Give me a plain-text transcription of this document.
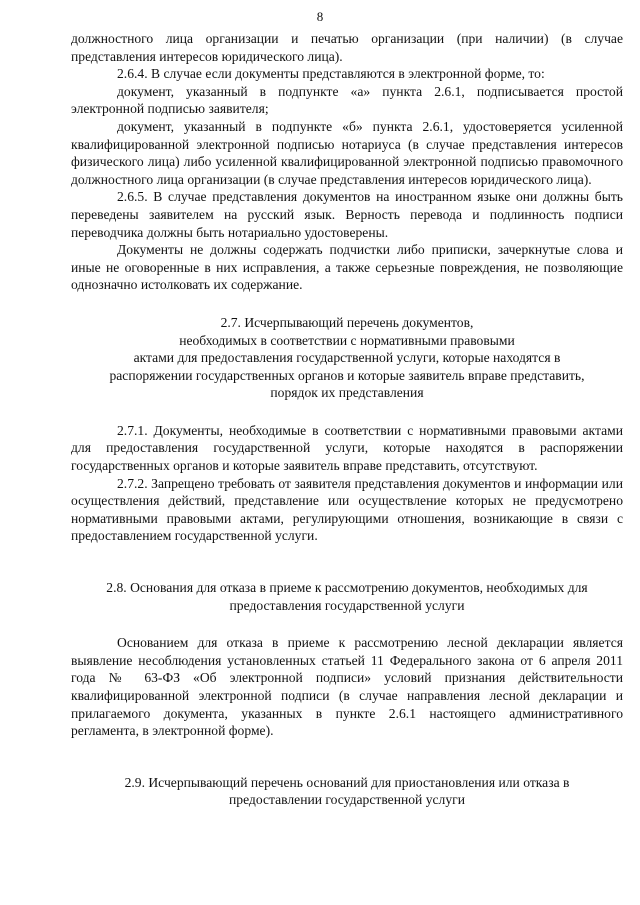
8

должностного лица организации и печатью организации (при наличии) (в случае представления интересов юридического лица).

2.6.4. В случае если документы представляются в электронной форме, то:

документ, указанный в подпункте «а» пункта 2.6.1, подписывается простой электронной подписью заявителя;

документ, указанный в подпункте «б» пункта 2.6.1, удостоверяется усиленной квалифицированной электронной подписью нотариуса (в случае представления интересов физического лица) либо усиленной квалифицированной электронной подписью правомочного должностного лица организации (в случае представления интересов юридического лица).

2.6.5. В случае представления документов на иностранном языке они должны быть переведены заявителем на русский язык. Верность перевода и подлинность подписи переводчика должны быть нотариально удостоверены.

Документы не должны содержать подчистки либо приписки, зачеркнутые слова и иные не оговоренные в них исправления, а также серьезные повреждения, не позволяющие однозначно истолковать их содержание.

2.7. Исчерпывающий перечень документов,

необходимых в соответствии с нормативными правовыми

актами для предоставления государственной услуги, которые находятся в

распоряжении государственных органов и которые заявитель вправе представить,

порядок их представления

2.7.1. Документы, необходимые в соответствии с нормативными правовыми актами для предоставления государственной услуги, которые находятся в распоряжении государственных органов и которые заявитель вправе представить, отсутствуют.

2.7.2. Запрещено требовать от заявителя представления документов и информации или осуществления действий, представление или осуществление которых не предусмотрено нормативными правовыми актами, регулирующими отношения, возникающие в связи с предоставлением государственной услуги.

2.8. Основания для отказа в приеме к рассмотрению документов, необходимых для

предоставления государственной услуги

Основанием для отказа в приеме к рассмотрению лесной декларации является выявление несоблюдения установленных статьей 11 Федерального закона от 6 апреля 2011 года № 63-ФЗ «Об электронной подписи» условий признания действительности квалифицированной электронной подписи (в случае направления лесной декларации и прилагаемого документа, указанных в пункте 2.6.1 настоящего административного регламента, в электронной форме).

2.9. Исчерпывающий перечень оснований для приостановления или отказа в

предоставлении государственной услуги
